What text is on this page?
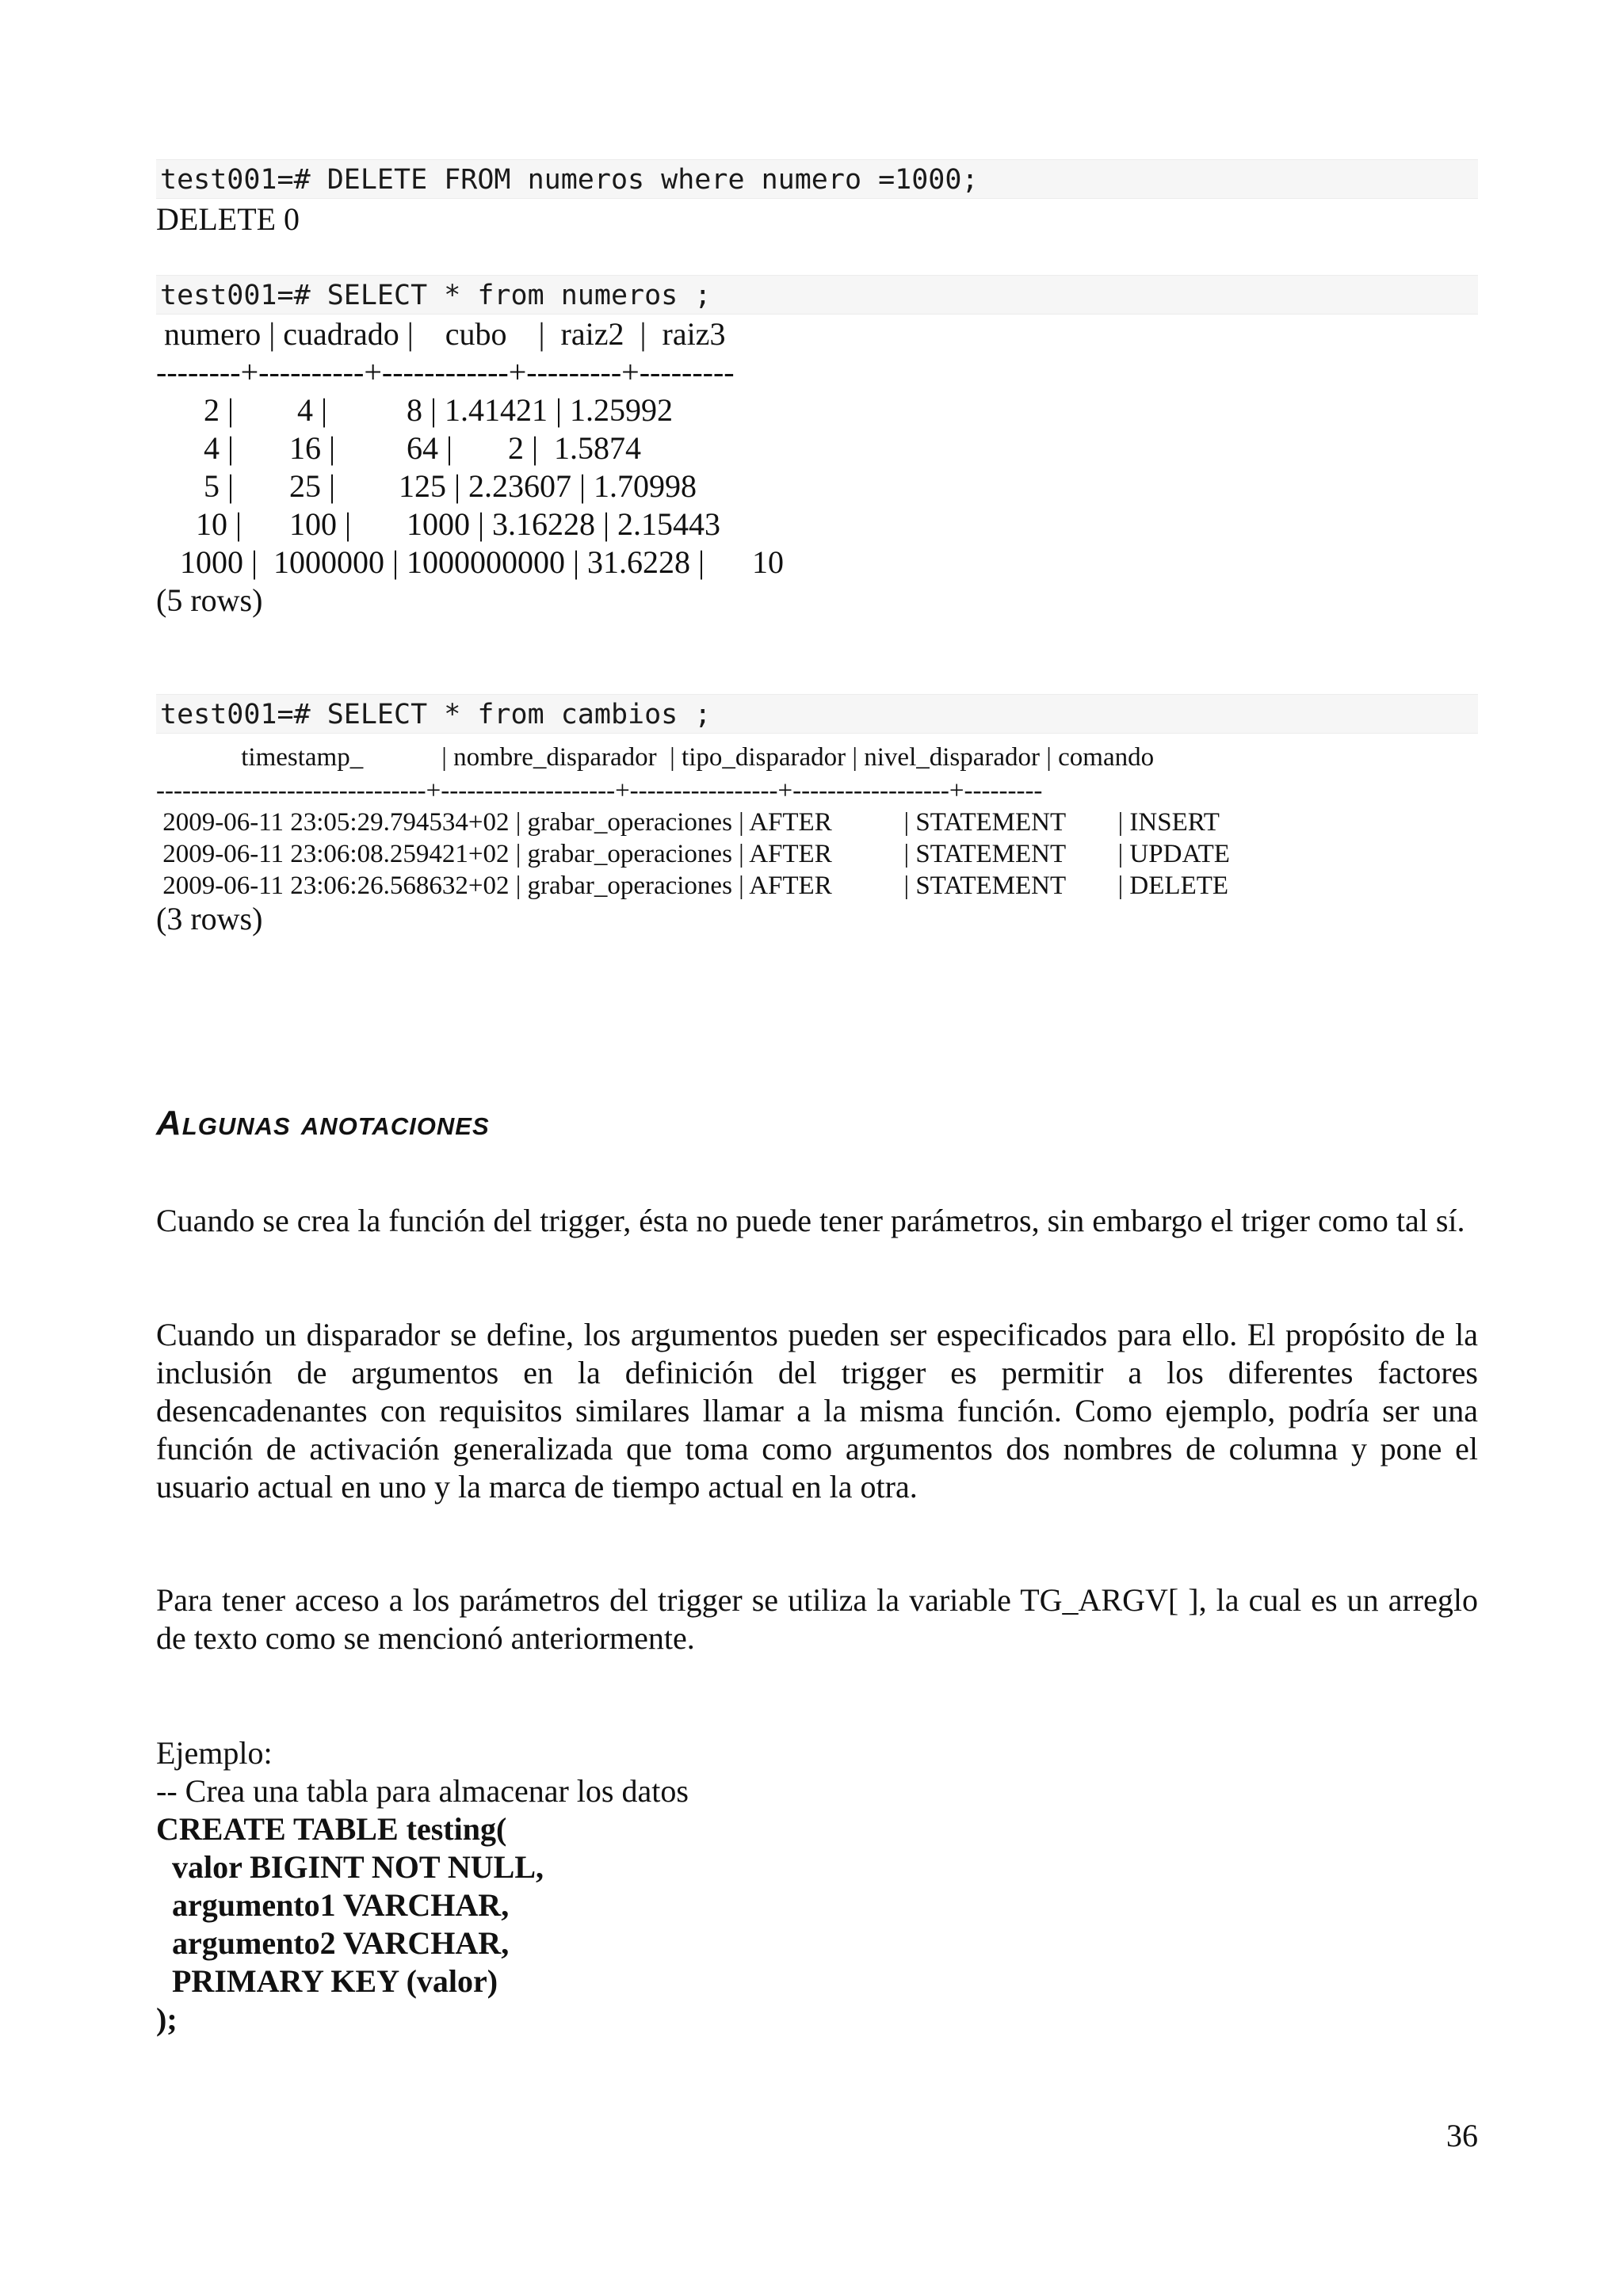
test001=# DELETE FROM numeros where numero =1000;
DELETE 0
test001=# SELECT * from numeros ;
numero | cuadrado |    cubo    |  raiz2  |  raiz3
--------+----------+------------+---------+---------
2 |        4 |          8 | 1.41421 | 1.25992
4 |       16 |         64 |       2 |  1.5874
5 |       25 |        125 | 2.23607 | 1.70998
10 |      100 |       1000 | 3.16228 | 2.15443
1000 |  1000000 | 1000000000 | 31.6228 |      10
(5 rows)
test001=# SELECT * from cambios ;
timestamp_            | nombre_disparador  | tipo_disparador | nivel_disparador | comando
-------------------------------+--------------------+-----------------+------------------+---------
2009-06-11 23:05:29.794534+02 | grabar_operaciones | AFTER           | STATEMENT        | INSERT
2009-06-11 23:06:08.259421+02 | grabar_operaciones | AFTER           | STATEMENT        | UPDATE
2009-06-11 23:06:26.568632+02 | grabar_operaciones | AFTER           | STATEMENT        | DELETE
(3 rows)
Algunas anotaciones
Cuando se crea la función del trigger, ésta no puede tener parámetros, sin embargo el triger como tal sí.
Cuando un disparador se define, los argumentos pueden ser especificados para ello. El propósito de la inclusión de argumentos en la definición del trigger es permitir a los diferentes factores desencadenantes con requisitos similares llamar a la misma función. Como ejemplo, podría ser una función de activación generalizada que toma como argumentos dos nombres de columna y pone el usuario actual en uno y la marca de tiempo actual en la otra.
Para tener acceso a los parámetros del trigger se utiliza la variable TG_ARGV[ ], la cual es un arreglo de texto como se mencionó anteriormente.
Ejemplo:
-- Crea una tabla para almacenar los datos
CREATE TABLE testing(
valor BIGINT NOT NULL,
argumento1 VARCHAR,
argumento2 VARCHAR,
PRIMARY KEY (valor)
);
36
